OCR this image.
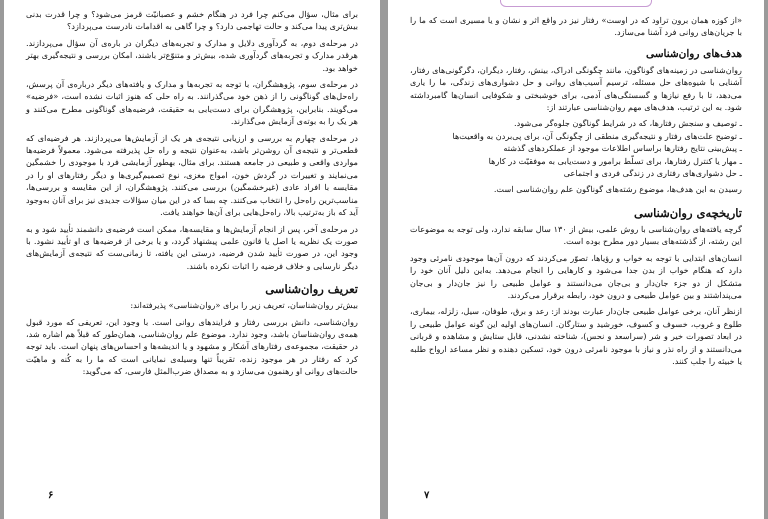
برای مثال، سؤال می‌کنم چرا فرد در هنگام خشم و عصبانیّت قرمز می‌شود؟ و چرا قدرت بدنی بیش‌تری پیدا می‌کند و حالت تهاجمی دارد؟ و چرا گاهی به اقدامات نادرست می‌پردازد؟

در مرحله‌ی دوم، به گردآوری دلایل و مدارک و تجربه‌های دیگران در باره‌ی آن سؤال می‌پردازند. هرقدر مدارک و تجربه‌های گردآوری شده، بیش‌تر و متنوّع‌تر باشند، امکان بررسی و نتیجه‌گیری بهتر خواهد بود.

در مرحله‌ی سوم، پژوهشگران، با توجه به تجربه‌ها و مدارک و یافته‌های دیگر درباره‌ی آن پرسش، راه‌حل‌های گوناگونی را از ذهن خود می‌گذرانند. به راه حلی که هنوز اثبات نشده است، «فرضیه» می‌گویند. بنابراین، پژوهشگران برای دست‌یابی به حقیقت، فرضیه‌های گوناگونی مطرح می‌کنند و هر یک را به بوته‌ی آزمایش می‌گذارند.

در مرحله‌ی چهارم به بررسی و ارزیابی نتیجه‌ی هر یک از آزمایش‌ها می‌پردازند. هر فرضیه‌ای که قطعی‌تر و نتیجه‌ی آن روشن‌تر باشد، به‌عنوان نتیجه و راه حل پذیرفته می‌شود. معمولاً فرضیه‌ها مواردی واقعی و طبیعی در جامعه هستند. برای مثال، بهطور آزمایشی فرد با موجودی را خشمگین می‌نمایند و تغییرات در گردش خون، امواج مغزی، نوع تصمیم‌گیری‌ها و دیگر رفتارهای او را در مقایسه با افراد عادی (غیرخشمگین) بررسی می‌کنند. پژوهشگران، از این مقایسه و بررسی‌ها، مناسب‌ترین راه‌حل را انتخاب می‌کنند. چه بسا که در این میان سؤالات جدیدی نیز برای آنان به‌وجود آید که باز به‌ترتیب بالا، راه‌حل‌هایی برای آن‌ها خواهند یافت.

در مرحله‌ی آخر، پس از انجام آزمایش‌ها و مقایسه‌ها، ممکن است فرضیه‌ی دانشمند تأیید شود و به صورت یک نظریه یا اصل یا قانون علمی پیشنهاد گردد، و یا برخی از فرضیه‌ها ی او تأیید نشود. با وجود این، در صورت تأیید شدن فرضیه، درستی این یافته، تا زمانی‌ست که نتیجه‌ی آزمایش‌های دیگر نارسایی و خلاف فرضیه را اثبات نکرده باشند.

تعریف روان‌شناسی

بیش‌تر روان‌شناسان، تعریف زیر را برای «روان‌شناسی» پذیرفته‌اند:

روان‌شناسی، دانش بررسی رفتار و فرایندهای روانی است. با وجود این، تعریفی که مورد قبول همه‌ی روان‌شناسان باشد، وجود ندارد. موضوع علم روان‌شناسی، همان‌طور که قبلاً هم اشاره شد، در حقیقت، مجموعه‌ی رفتارهای آشکار و مشهود و یا اندیشه‌ها و احساس‌های پنهان است. باید توجه کرد که رفتار در هر موجود زنده، تقریباً تنها وسیله‌ی نمایانی است که ما را به کُنه و ماهیّت حالت‌های روانی او رهنمون می‌سازد و به مصداق ضرب‌المثل فارسی، که می‌گوید:

۶

«از کوزه همان برون تراود که در اوست» رفتار نیز در واقع اثر و نشان و یا مسیری است که ما را با جریان‌های روانی فرد آشنا می‌سازد.

هدف‌های روان‌شناسی

روان‌شناسی در زمینه‌های گوناگون، مانند چگونگی ادراک، بینش، رفتار، دیگران، دگرگونی‌های رفتار، آشنایی با شیوه‌های حل مسئله، ترسیم آسیب‌های روانی و حل دشواری‌های زندگی، ما را یاری می‌دهد، تا با رفع نیازها و گسستگی‌های آدمی، برای خوشبختی و شکوفایی انسان‌ها گامبرداشته شود. به این ترتیب، هدف‌های مهم روان‌شناسی عبارتند از:

ـ توصیف و سنجش رفتارها، که در شرایط گوناگون جلوه‌گر می‌شود.
ـ توضیح علت‌های رفتار و نتیجه‌گیری منطقی از چگونگی آن، برای پی‌بردن به واقعیت‌ها
ـ پیش‌بینی نتایج رفتارها براساس اطلاعات موجود از عملکردهای گذشته
ـ مهار یا کنترل رفتارها، برای تسلّط برامور و دست‌یابی به موفقیّت در کارها
ـ حل دشواری‌های رفتاری در زندگی فردی و اجتماعی

رسیدن به این هدف‌ها، موضوع رشته‌های گوناگون علم روان‌شناسی است.

تاریخچه‌ی روان‌شناسی

گرچه یافته‌های روان‌شناسی با روش علمی، بیش از ۱۳۰ سال سابقه ندارد، ولی توجه به موضوعات این رشته، از گذشته‌های بسیار دور مطرح بوده است.

انسان‌های ابتدایی با توجه به خواب و رؤیاها، تصوّر می‌کردند که درون آن‌ها موجودی نامرئی وجود دارد که هنگام خواب از بدن جدا می‌شود و کارهایی را انجام می‌دهد. به‌این دلیل آنان خود را متشکل از دو جزء جان‌دار و بی‌جان می‌دانستند و عوامل طبیعی را نیز جان‌دار و بی‌جان می‌پنداشتند و بین عوامل طبیعی و درون خود، رابطه برقرار می‌کردند.

ازنظر آنان، برخی عوامل طبیعی جان‌دار عبارت بودند از: رعد و برق، طوفان، سیل، زلزله، بیماری، طلوع و غروب، خسوف و کسوف، خورشید و ستارگان. انسان‌های اولیه این گونه عوامل طبیعی را در ابعاد تصورات خیر و شر (سراسعد و نحس)، شناخته نشدنی، قابل ستایش و مشاهده و قربانی می‌دانستند و از راه نذر و نیاز با موجود نامرئی درون خود، تسکین دهنده و نظر مساعد ارواح طلبه یا خبیثه را جلب کنند.

۷
